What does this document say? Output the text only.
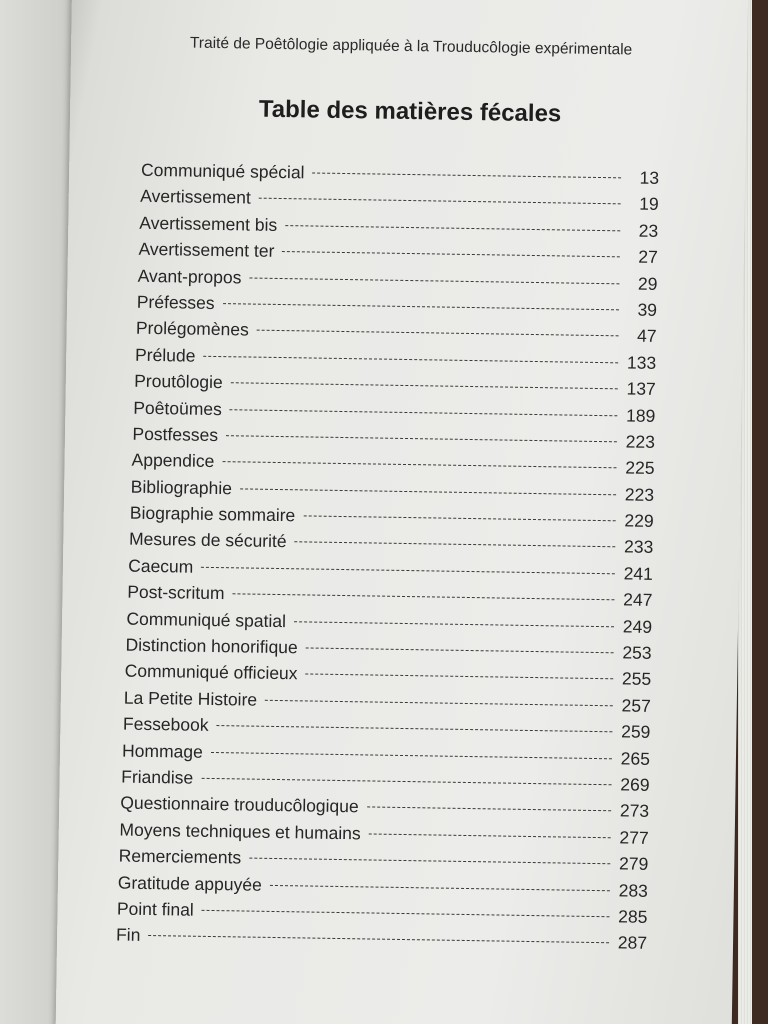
Traité de Poêtôlogie appliquée à la Trouducôlogie expérimentale
Table des matières fécales
Communiqué spécial	13
Avertissement	19
Avertissement bis	23
Avertissement ter	27
Avant-propos	29
Préfesses	39
Prolégomènes	47
Prélude	133
Proutôlogie	137
Poêtoümes	189
Postfesses	223
Appendice	225
Bibliographie	223
Biographie sommaire	229
Mesures de sécurité	233
Caecum	241
Post-scritum	247
Communiqué spatial	249
Distinction honorifique	253
Communiqué officieux	255
La Petite Histoire	257
Fessebook	259
Hommage	265
Friandise	269
Questionnaire trouducôlogique	273
Moyens techniques et humains	277
Remerciements	279
Gratitude appuyée	283
Point final	285
Fin	287
